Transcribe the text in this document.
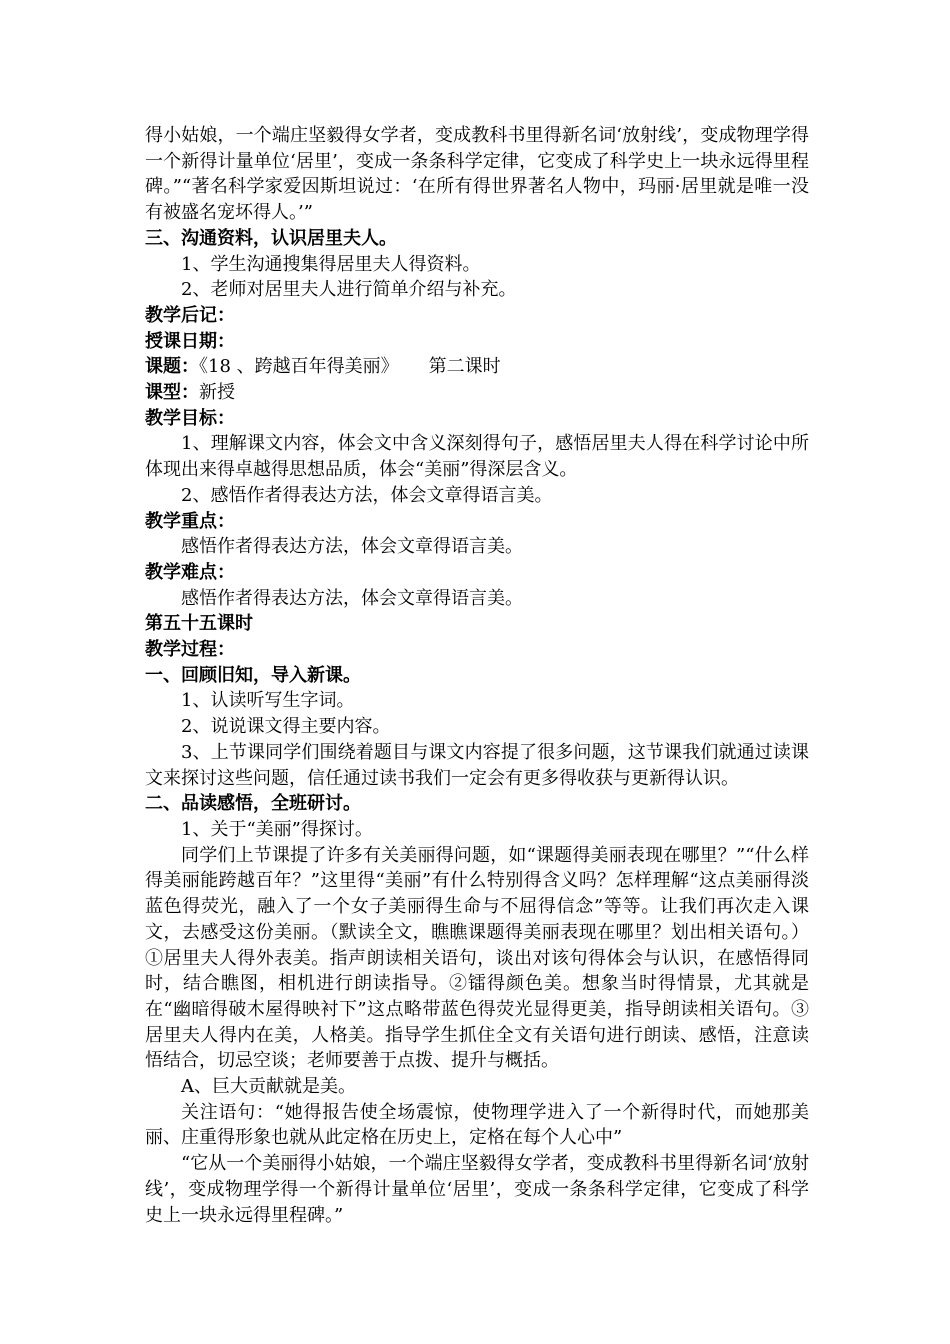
得小姑娘，一个端庄坚毅得女学者，变成教科书里得新名词‘放射线’，变成物理学得一个新得计量单位‘居里’，变成一条条科学定律，它变成了科学史上一块永远得里程碑。”“著名科学家爱因斯坦说过：‘在所有得世界著名人物中，玛丽·居里就是唯一没有被盛名宠坏得人。’”

三、沟通资料，认识居里夫人。

1、学生沟通搜集得居里夫人得资料。

2、老师对居里夫人进行简单介绍与补充。

教学后记：

授课日期：

课题：《18 、跨越百年得美丽》 第二课时

课型：新授

教学目标：

1、理解课文内容，体会文中含义深刻得句子，感悟居里夫人得在科学讨论中所体现出来得卓越得思想品质，体会“美丽”得深层含义。

2、感悟作者得表达方法，体会文章得语言美。

教学重点：

感悟作者得表达方法，体会文章得语言美。

教学难点：

感悟作者得表达方法，体会文章得语言美。

第五十五课时

教学过程：

一、回顾旧知，导入新课。

1、认读听写生字词。

2、说说课文得主要内容。

3、上节课同学们围绕着题目与课文内容提了很多问题，这节课我们就通过读课文来探讨这些问题，信任通过读书我们一定会有更多得收获与更新得认识。

二、品读感悟，全班研讨。

1、关于“美丽”得探讨。

同学们上节课提了许多有关美丽得问题，如“课题得美丽表现在哪里？”“什么样得美丽能跨越百年？”这里得“美丽”有什么特别得含义吗？怎样理解“这点美丽得淡蓝色得荧光，融入了一个女子美丽得生命与不屈得信念”等等。让我们再次走入课文，去感受这份美丽。（默读全文，瞧瞧课题得美丽表现在哪里？划出相关语句。）①居里夫人得外表美。指声朗读相关语句，谈出对该句得体会与认识，在感悟得同时，结合瞧图，相机进行朗读指导。②镭得颜色美。想象当时得情景，尤其就是在“幽暗得破木屋得映衬下”这点略带蓝色得荧光显得更美，指导朗读相关语句。③居里夫人得内在美，人格美。指导学生抓住全文有关语句进行朗读、感悟，注意读悟结合，切忌空谈；老师要善于点拨、提升与概括。

A、巨大贡献就是美。

关注语句：“她得报告使全场震惊，使物理学进入了一个新得时代，而她那美丽、庄重得形象也就从此定格在历史上，定格在每个人心中”

“它从一个美丽得小姑娘，一个端庄坚毅得女学者，变成教科书里得新名词‘放射线’，变成物理学得一个新得计量单位‘居里’，变成一条条科学定律，它变成了科学史上一块永远得里程碑。”
